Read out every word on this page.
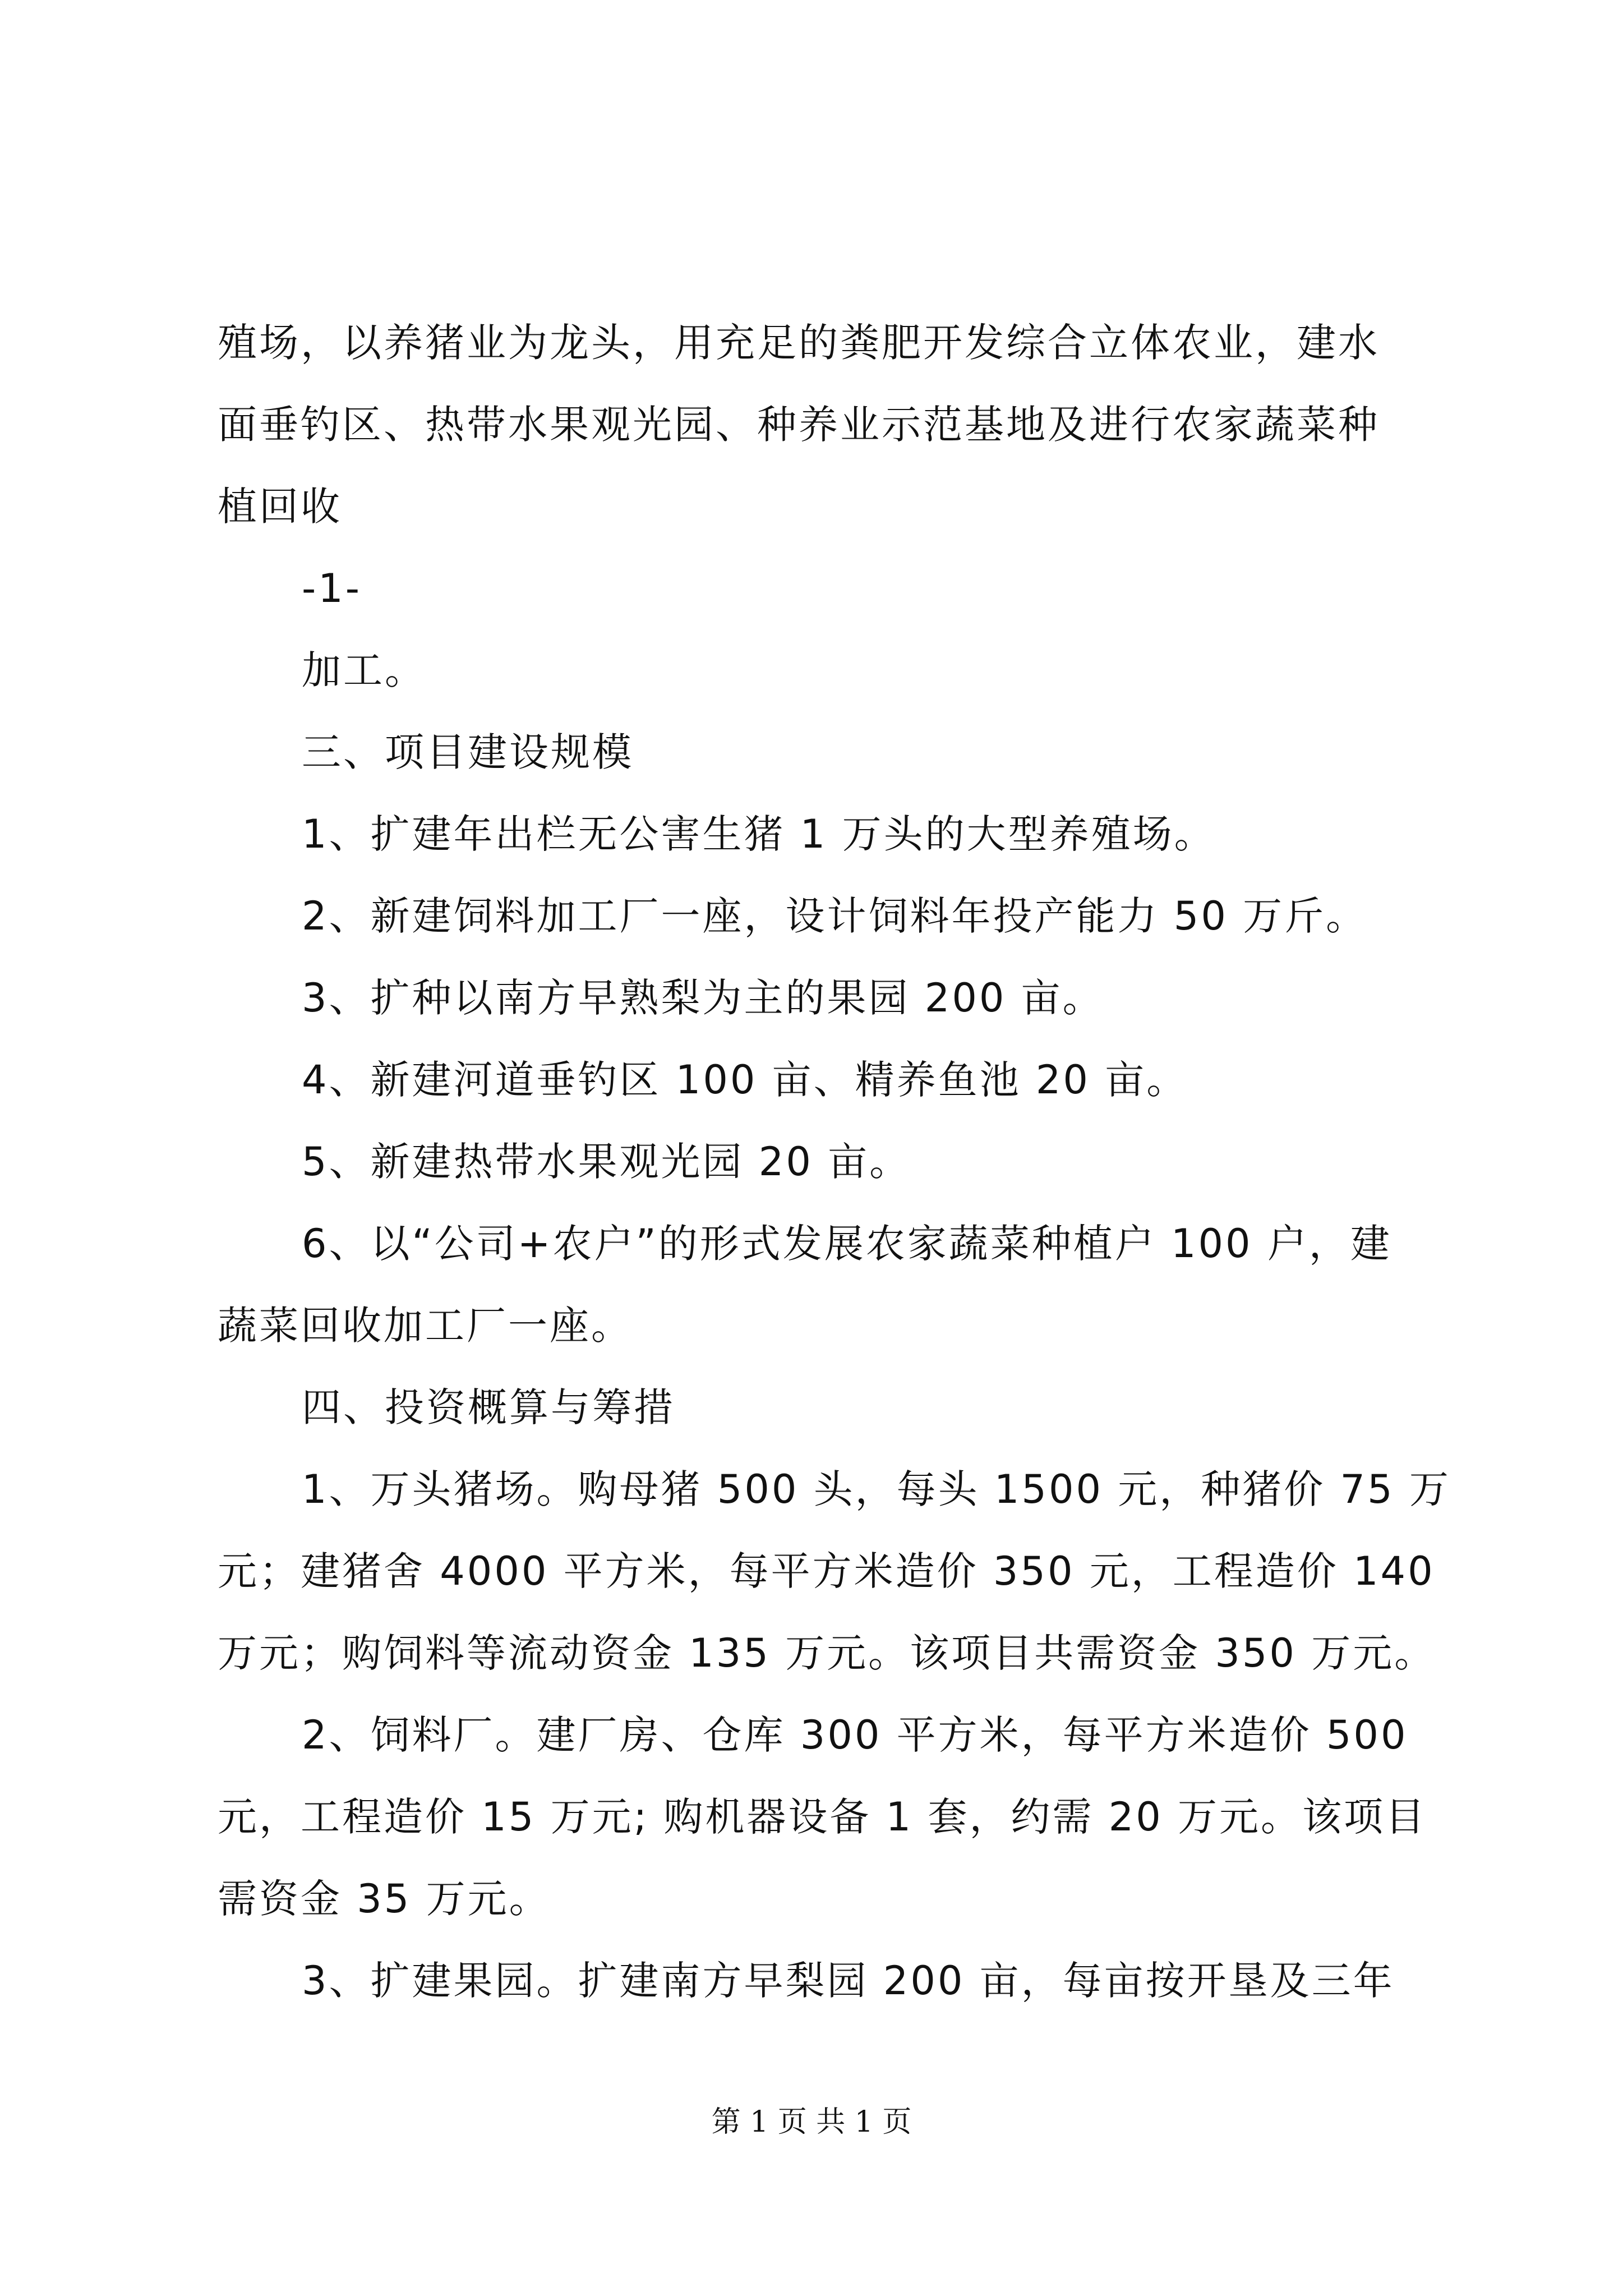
殖场，以养猪业为龙头，用充足的粪肥开发综合立体农业，建水
面垂钓区、热带水果观光园、种养业示范基地及进行农家蔬菜种
植回收
-1-
加工。
三、项目建设规模
1、扩建年出栏无公害生猪 1 万头的大型养殖场。
2、新建饲料加工厂一座，设计饲料年投产能力 50 万斤。
3、扩种以南方早熟梨为主的果园 200 亩。
4、新建河道垂钓区 100 亩、精养鱼池 20 亩。
5、新建热带水果观光园 20 亩。
6、以“公司+农户”的形式发展农家蔬菜种植户 100 户，建
蔬菜回收加工厂一座。
四、投资概算与筹措
1、万头猪场。购母猪 500 头，每头 1500 元，种猪价 75 万
元；建猪舍 4000 平方米，每平方米造价 350 元，工程造价 140
万元；购饲料等流动资金 135 万元。该项目共需资金 350 万元。
2、饲料厂。建厂房、仓库 300 平方米，每平方米造价 500
元，工程造价 15 万元; 购机器设备 1 套，约需 20 万元。该项目
需资金 35 万元。
3、扩建果园。扩建南方早梨园 200 亩，每亩按开垦及三年
第 1 页 共 1 页
